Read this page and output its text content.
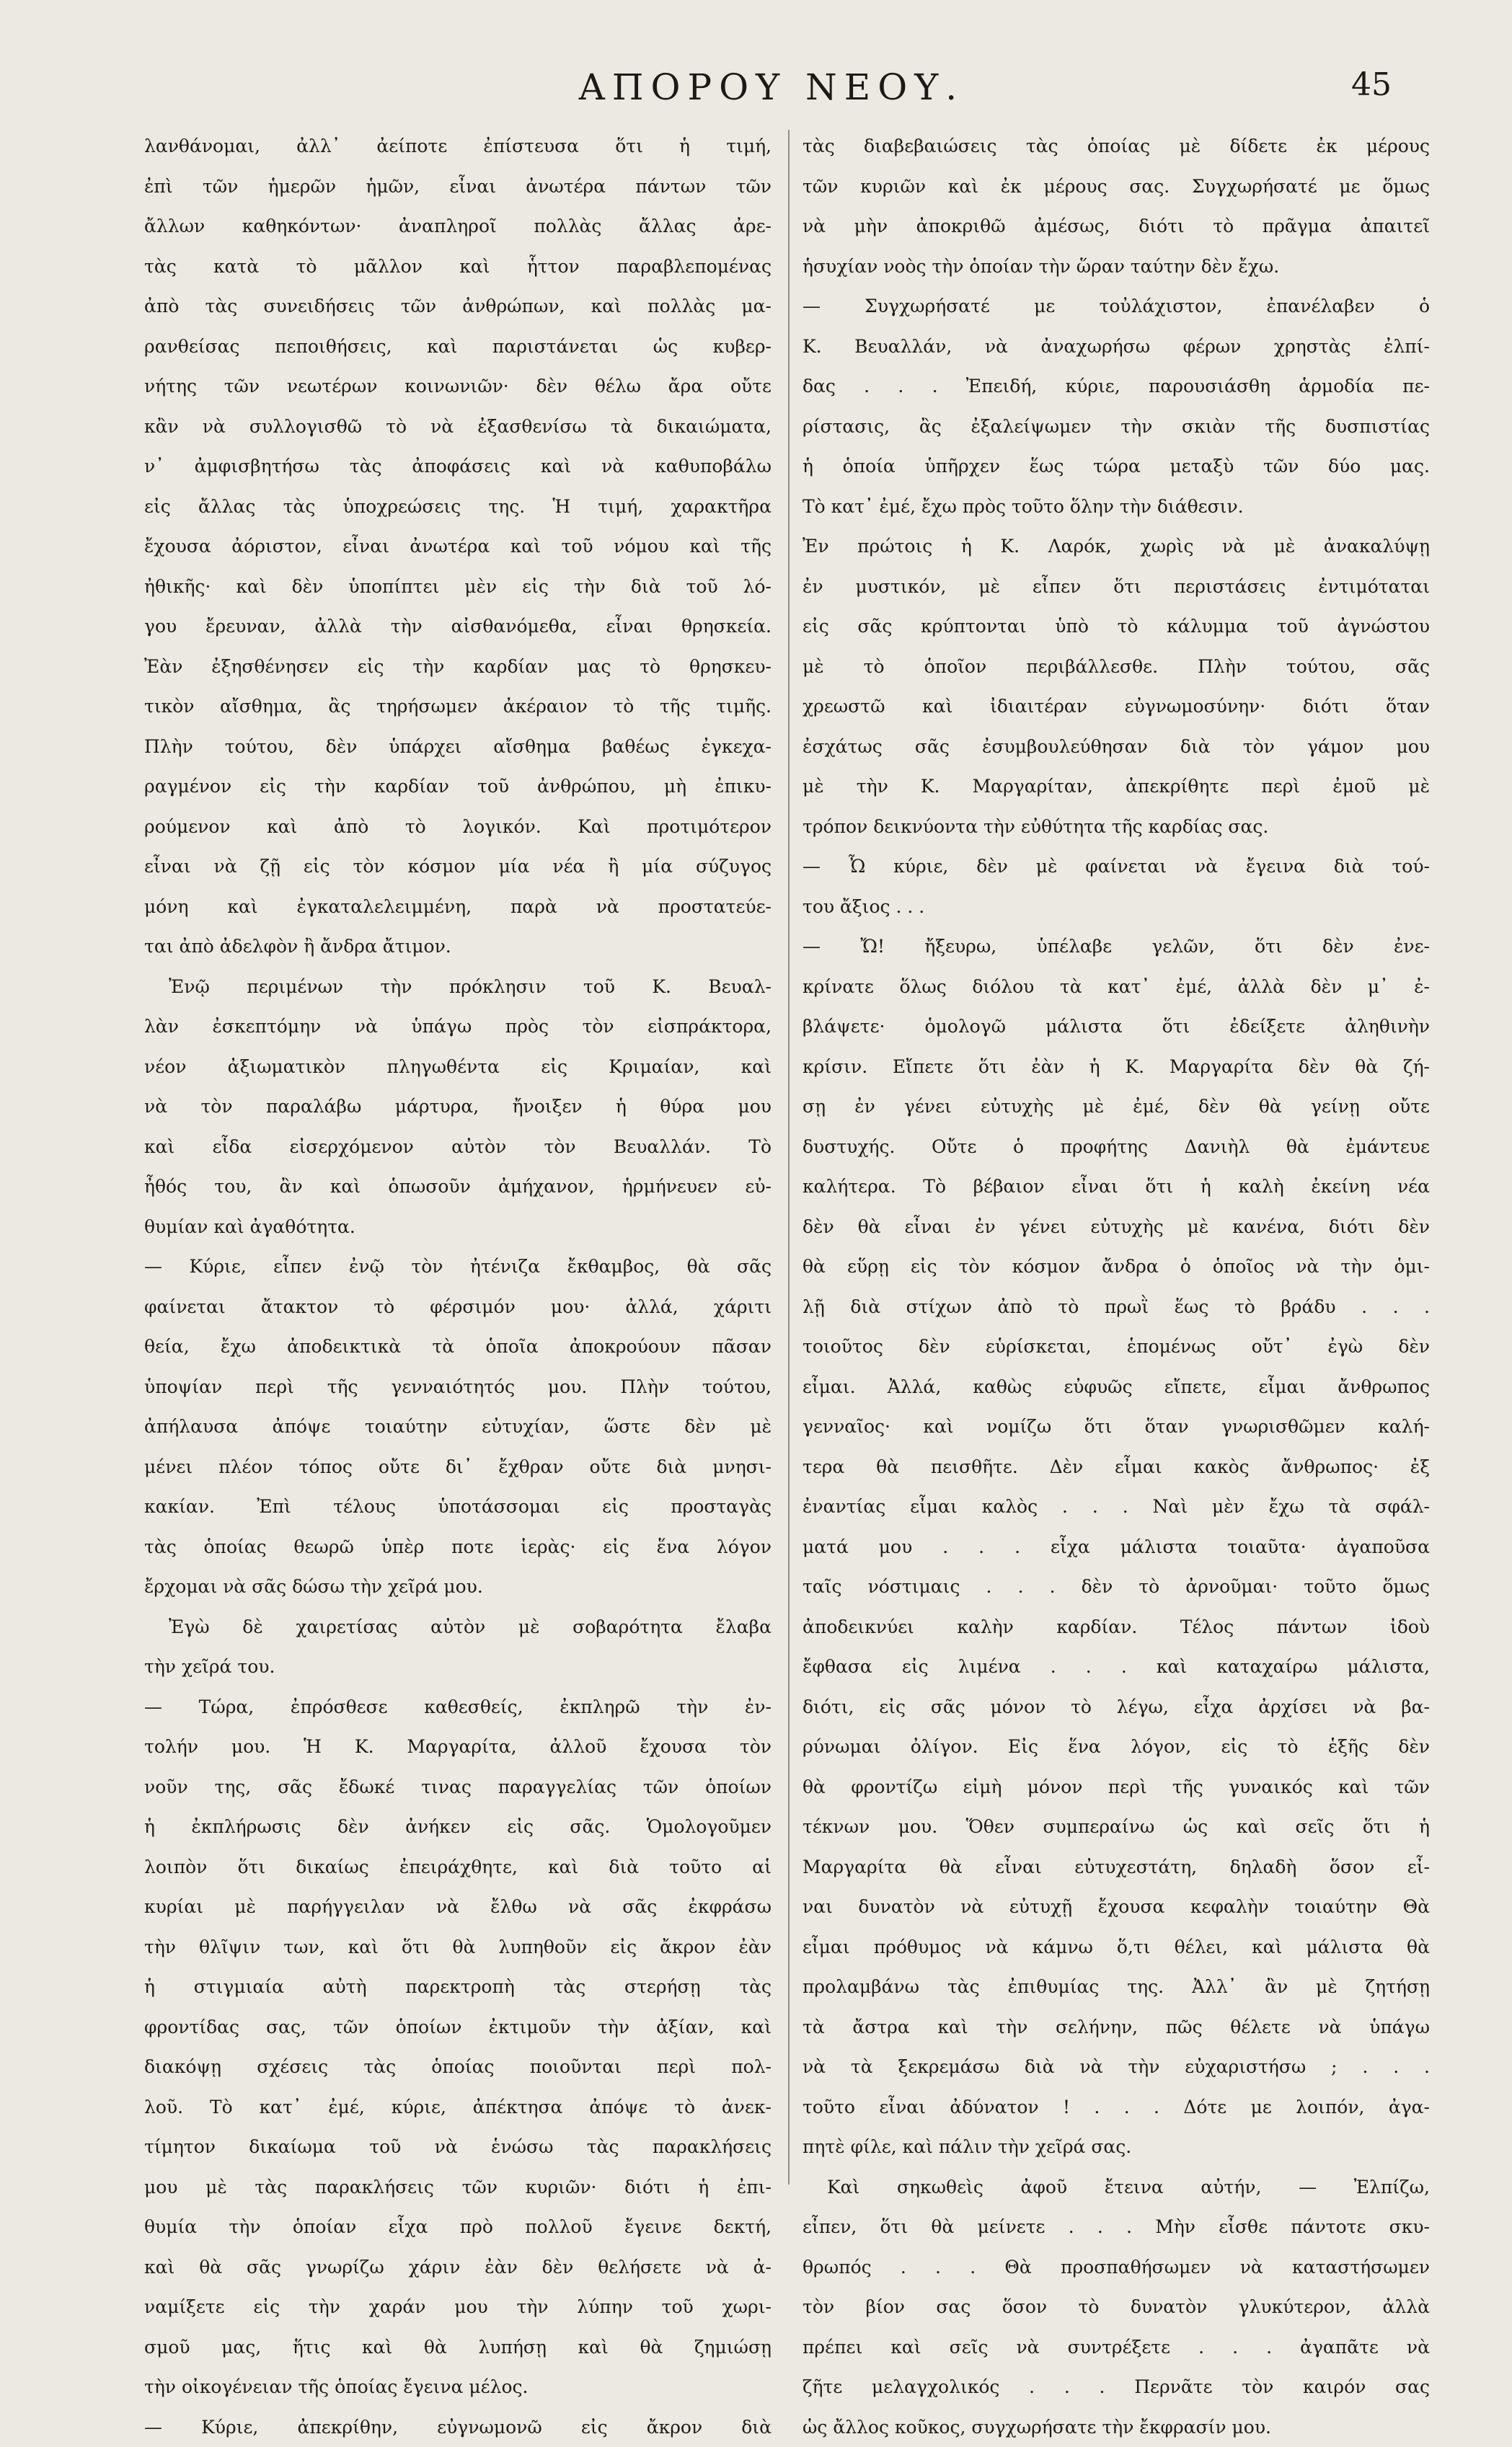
ΑΠΟΡΟΥ ΝΕΟΥ.	45
λανθάνομαι, ἀλλ᾽ ἀείποτε ἐπίστευσα ὅτι ἡ τιμή,
ἐπὶ τῶν ἡμερῶν ἡμῶν, εἶναι ἀνωτέρα πάντων τῶν
ἄλλων καθηκόντων· ἀναπληροῖ πολλὰς ἄλλας ἀρε-
τὰς κατὰ τὸ μᾶλλον καὶ ἧττον παραβλεπομένας
ἀπὸ τὰς συνειδήσεις τῶν ἀνθρώπων, καὶ πολλὰς μα-
ρανθείσας πεποιθήσεις, καὶ παριστάνεται ὡς κυβερ-
νήτης τῶν νεωτέρων κοινωνιῶν· δὲν θέλω ἄρα οὔτε
κἂν νὰ συλλογισθῶ τὸ νὰ ἐξασθενίσω τὰ δικαιώματα,
ν᾽ ἀμφισβητήσω τὰς ἀποφάσεις καὶ νὰ καθυποβάλω
εἰς ἄλλας τὰς ὑποχρεώσεις της. Ἡ τιμή, χαρακτῆρα
ἔχουσα ἀόριστον, εἶναι ἀνωτέρα καὶ τοῦ νόμου καὶ τῆς
ἠθικῆς· καὶ δὲν ὑποπίπτει μὲν εἰς τὴν διὰ τοῦ λό-
γου ἔρευναν, ἀλλὰ τὴν αἰσθανόμεθα, εἶναι θρησκεία.
Ἐὰν ἐξησθένησεν εἰς τὴν καρδίαν μας τὸ θρησκευ-
τικὸν αἴσθημα, ἂς τηρήσωμεν ἀκέραιον τὸ τῆς τιμῆς.
Πλὴν τούτου, δὲν ὑπάρχει αἴσθημα βαθέως ἐγκεχα-
ραγμένον εἰς τὴν καρδίαν τοῦ ἀνθρώπου, μὴ ἐπικυ-
ρούμενον καὶ ἀπὸ τὸ λογικόν. Καὶ προτιμότερον
εἶναι νὰ ζῇ εἰς τὸν κόσμον μία νέα ἢ μία σύζυγος
μόνη καὶ ἐγκαταλελειμμένη, παρὰ νὰ προστατεύε-
ται ἀπὸ ἀδελφὸν ἢ ἄνδρα ἄτιμον.
Ἐνῷ περιμένων τὴν πρόκλησιν τοῦ Κ. Βευαλ-
λὰν ἐσκεπτόμην νὰ ὑπάγω πρὸς τὸν εἰσπράκτορα,
νέον ἀξιωματικὸν πληγωθέντα εἰς Κριμαίαν, καὶ
νὰ τὸν παραλάβω μάρτυρα, ἤνοιξεν ἡ θύρα μου
καὶ εἶδα εἰσερχόμενον αὐτὸν τὸν Βευαλλάν. Τὸ
ἦθός του, ἂν καὶ ὁπωσοῦν ἀμήχανον, ἡρμήνευεν εὐ-
θυμίαν καὶ ἀγαθότητα.
— Κύριε, εἶπεν ἐνῷ τὸν ἠτένιζα ἔκθαμβος, θὰ σᾶς
φαίνεται ἄτακτον τὸ φέρσιμόν μου· ἀλλά, χάριτι
θεία, ἔχω ἀποδεικτικὰ τὰ ὁποῖα ἀποκρούουν πᾶσαν
ὑποψίαν περὶ τῆς γενναιότητός μου. Πλὴν τούτου,
ἀπήλαυσα ἀπόψε τοιαύτην εὐτυχίαν, ὥστε δὲν μὲ
μένει πλέον τόπος οὔτε δι᾽ ἔχθραν οὔτε διὰ μνησι-
κακίαν. Ἐπὶ τέλους ὑποτάσσομαι εἰς προσταγὰς
τὰς ὁποίας θεωρῶ ὑπὲρ ποτε ἱερὰς· εἰς ἕνα λόγον
ἔρχομαι νὰ σᾶς δώσω τὴν χεῖρά μου.
Ἐγὼ δὲ χαιρετίσας αὐτὸν μὲ σοβαρότητα ἔλαβα
τὴν χεῖρά του.
— Τώρα, ἐπρόσθεσε καθεσθείς, ἐκπληρῶ τὴν ἐν-
τολήν μου. Ἡ Κ. Μαργαρίτα, ἀλλοῦ ἔχουσα τὸν
νοῦν της, σᾶς ἔδωκέ τινας παραγγελίας τῶν ὁποίων
ἡ ἐκπλήρωσις δὲν ἀνήκεν εἰς σᾶς. Ὁμολογοῦμεν
λοιπὸν ὅτι δικαίως ἐπειράχθητε, καὶ διὰ τοῦτο αἱ
κυρίαι μὲ παρήγγειλαν νὰ ἔλθω νὰ σᾶς ἐκφράσω
τὴν θλῖψιν των, καὶ ὅτι θὰ λυπηθοῦν εἰς ἄκρον ἐὰν
ἡ στιγμιαία αὐτὴ παρεκτροπὴ τὰς στερήσῃ τὰς
φροντίδας σας, τῶν ὁποίων ἐκτιμοῦν τὴν ἀξίαν, καὶ
διακόψῃ σχέσεις τὰς ὁποίας ποιοῦνται περὶ πολ-
λοῦ. Τὸ κατ᾽ ἐμέ, κύριε, ἀπέκτησα ἀπόψε τὸ ἀνεκ-
τίμητον δικαίωμα τοῦ νὰ ἑνώσω τὰς παρακλήσεις
μου μὲ τὰς παρακλήσεις τῶν κυριῶν· διότι ἡ ἐπι-
θυμία τὴν ὁποίαν εἶχα πρὸ πολλοῦ ἔγεινε δεκτή,
καὶ θὰ σᾶς γνωρίζω χάριν ἐὰν δὲν θελήσετε νὰ ἀ-
ναμίξετε εἰς τὴν χαράν μου τὴν λύπην τοῦ χωρι-
σμοῦ μας, ἥτις καὶ θὰ λυπήσῃ καὶ θὰ ζημιώσῃ
τὴν οἰκογένειαν τῆς ὁποίας ἔγεινα μέλος.
— Κύριε, ἀπεκρίθην, εὐγνωμονῶ εἰς ἄκρον διὰ
τὰς διαβεβαιώσεις τὰς ὁποίας μὲ δίδετε ἐκ μέρους
τῶν κυριῶν καὶ ἐκ μέρους σας. Συγχωρήσατέ με ὅμως
νὰ μὴν ἀποκριθῶ ἀμέσως, διότι τὸ πρᾶγμα ἀπαιτεῖ
ἡσυχίαν νοὸς τὴν ὁποίαν τὴν ὥραν ταύτην δὲν ἔχω.
— Συγχωρήσατέ με τοὐλάχιστον, ἐπανέλαβεν ὁ
Κ. Βευαλλάν, νὰ ἀναχωρήσω φέρων χρηστὰς ἐλπί-
δας . . . Ἐπειδή, κύριε, παρουσιάσθη ἁρμοδία πε-
ρίστασις, ἂς ἐξαλείψωμεν τὴν σκιὰν τῆς δυσπιστίας
ἡ ὁποία ὑπῆρχεν ἕως τώρα μεταξὺ τῶν δύο μας.
Τὸ κατ᾽ ἐμέ, ἔχω πρὸς τοῦτο ὅλην τὴν διάθεσιν.
Ἐν πρώτοις ἡ Κ. Λαρόκ, χωρὶς νὰ μὲ ἀνακαλύψῃ
ἐν μυστικόν, μὲ εἶπεν ὅτι περιστάσεις ἐντιμόταται
εἰς σᾶς κρύπτονται ὑπὸ τὸ κάλυμμα τοῦ ἀγνώστου
μὲ τὸ ὁποῖον περιβάλλεσθε. Πλὴν τούτου, σᾶς
χρεωστῶ καὶ ἰδιαιτέραν εὐγνωμοσύνην· διότι ὅταν
ἐσχάτως σᾶς ἐσυμβουλεύθησαν διὰ τὸν γάμον μου
μὲ τὴν Κ. Μαργαρίταν, ἀπεκρίθητε περὶ ἐμοῦ μὲ
τρόπον δεικνύοντα τὴν εὐθύτητα τῆς καρδίας σας.
— Ὦ κύριε, δὲν μὲ φαίνεται νὰ ἔγεινα διὰ τού-
του ἄξιος . . .
— Ὤ! ἤξευρω, ὑπέλαβε γελῶν, ὅτι δὲν ἐνε-
κρίνατε ὅλως διόλου τὰ κατ᾽ ἐμέ, ἀλλὰ δὲν μ᾽ ἐ-
βλάψετε· ὁμολογῶ μάλιστα ὅτι ἐδείξετε ἀληθινὴν
κρίσιν. Εἴπετε ὅτι ἐὰν ἡ Κ. Μαργαρίτα δὲν θὰ ζή-
σῃ ἐν γένει εὐτυχὴς μὲ ἐμέ, δὲν θὰ γείνῃ οὔτε
δυστυχής. Οὔτε ὁ προφήτης Δανιὴλ θὰ ἐμάντευε
καλήτερα. Τὸ βέβαιον εἶναι ὅτι ἡ καλὴ ἐκείνη νέα
δὲν θὰ εἶναι ἐν γένει εὐτυχὴς μὲ κανένα, διότι δὲν
θὰ εὕρῃ εἰς τὸν κόσμον ἄνδρα ὁ ὁποῖος νὰ τὴν ὁμι-
λῇ διὰ στίχων ἀπὸ τὸ πρωῒ ἕως τὸ βράδυ . . .
τοιοῦτος δὲν εὑρίσκεται, ἑπομένως οὔτ᾽ ἐγὼ δὲν
εἶμαι. Ἀλλά, καθὼς εὐφυῶς εἴπετε, εἶμαι ἄνθρωπος
γενναῖος· καὶ νομίζω ὅτι ὅταν γνωρισθῶμεν καλή-
τερα θὰ πεισθῆτε. Δὲν εἶμαι κακὸς ἄνθρωπος· ἐξ
ἐναντίας εἶμαι καλὸς . . . Ναὶ μὲν ἔχω τὰ σφάλ-
ματά μου . . . εἶχα μάλιστα τοιαῦτα· ἀγαποῦσα
ταῖς νόστιμαις . . . δὲν τὸ ἀρνοῦμαι· τοῦτο ὅμως
ἀποδεικνύει καλὴν καρδίαν. Τέλος πάντων ἰδοὺ
ἔφθασα εἰς λιμένα . . . καὶ καταχαίρω μάλιστα,
διότι, εἰς σᾶς μόνον τὸ λέγω, εἶχα ἀρχίσει νὰ βα-
ρύνωμαι ὀλίγον. Εἰς ἕνα λόγον, εἰς τὸ ἑξῆς δὲν
θὰ φροντίζω εἰμὴ μόνον περὶ τῆς γυναικός καὶ τῶν
τέκνων μου. Ὅθεν συμπεραίνω ὡς καὶ σεῖς ὅτι ἡ
Μαργαρίτα θὰ εἶναι εὐτυχεστάτη, δηλαδὴ ὅσον εἶ-
ναι δυνατὸν νὰ εὐτυχῇ ἔχουσα κεφαλὴν τοιαύτην Θὰ
εἶμαι πρόθυμος νὰ κάμνω ὅ,τι θέλει, καὶ μάλιστα θὰ
προλαμβάνω τὰς ἐπιθυμίας της. Ἀλλ᾽ ἂν μὲ ζητήσῃ
τὰ ἄστρα καὶ τὴν σελήνην, πῶς θέλετε νὰ ὑπάγω
νὰ τὰ ξεκρεμάσω διὰ νὰ τὴν εὐχαριστήσω ; . . .
τοῦτο εἶναι ἀδύνατον ! . . . Δότε με λοιπόν, ἀγα-
πητὲ φίλε, καὶ πάλιν τὴν χεῖρά σας.
Καὶ σηκωθεὶς ἀφοῦ ἔτεινα αὐτήν, — Ἐλπίζω,
εἶπεν, ὅτι θὰ μείνετε . . . Μὴν εἶσθε πάντοτε σκυ-
θρωπός . . . Θὰ προσπαθήσωμεν νὰ καταστήσωμεν
τὸν βίον σας ὅσον τὸ δυνατὸν γλυκύτερον, ἀλλὰ
πρέπει καὶ σεῖς νὰ συντρέξετε . . . ἀγαπᾶτε νὰ
ζῆτε μελαγχολικός . . . Περνᾶτε τὸν καιρόν σας
ὡς ἄλλος κοῦκος, συγχωρήσατε τὴν ἔκφρασίν μου.
